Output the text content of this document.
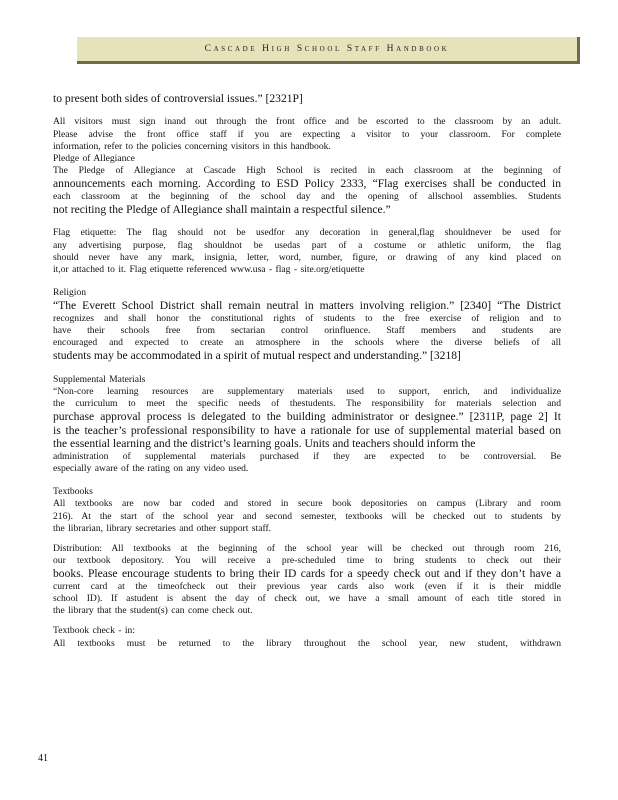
Cascade High School Staff Handbook

to present both sides of controversial issues.” [2321P]

All visitors must sign inand out through the front office and be escorted to the classroom by an adult.
Please advise the front office staff if you are expecting a visitor to your classroom. For complete
information, refer to the policies concerning visitors in this handbook.

Pledge of Allegiance
The Pledge of Allegiance at Cascade High School is recited in each classroom at the beginning of
announcements each morning. According to ESD Policy 2333, “Flag exercises shall be conducted in
each classroom at the beginning of the school day and the opening of allschool assemblies. Students
not reciting the Pledge of Allegiance shall maintain a respectful silence.”

Flag etiquette: The flag should not be usedfor any decoration in general,flag shouldnever be used for
any advertising purpose, flag shouldnot be usedas part of a costume or athletic uniform, the flag
should never have any mark, insignia, letter, word, number, figure, or drawing of any kind placed on
it,or attached to it. Flag etiquette referenced www.usa - flag - site.org/etiquette

Religion
“The Everett School District shall remain neutral in matters involving religion.” [2340] “The District
recognizes and shall honor the constitutional rights of students to the free exercise of religion and to
have their schools free from sectarian control orinfluence. Staff members and students are
encouraged and expected to create an atmosphere in the schools where the diverse beliefs of all
students may be accommodated in a spirit of mutual respect and understanding.” [3218]

Supplemental Materials
“Non-core learning resources are supplementary materials used to support, enrich, and individualize
the curriculum to meet the specific needs of thestudents. The responsibility for materials selection and
purchase approval process is delegated to the building administrator or designee.” [2311P, page 2] It
is the teacher’s professional responsibility to have a rationale for use of supplemental material based on
the essential learning and the district’s learning goals. Units and teachers should inform the
administration of supplemental materials purchased if they are expected to be controversial. Be
especially aware of the rating on any video used.

Textbooks
All textbooks are now bar coded and stored in secure book depositories on campus (Library and room
216). At the start of the school year and second semester, textbooks will be checked out to students by
the librarian, library secretaries and other support staff.

Distribution: All textbooks at the beginning of the school year will be checked out through room 216,
our textbook depository. You will receive a pre-scheduled time to bring students to check out their
books. Please encourage students to bring their ID cards for a speedy check out and if they don’t have a
current card at the timeofcheck out their previous year cards also work (even if it is their middle
school ID). If astudent is absent the day of check out, we have a small amount of each title stored in
the library that the student(s) can come check out.

Textbook check - in:
All textbooks must be returned to the library throughout the school year, new student, withdrawn

41
